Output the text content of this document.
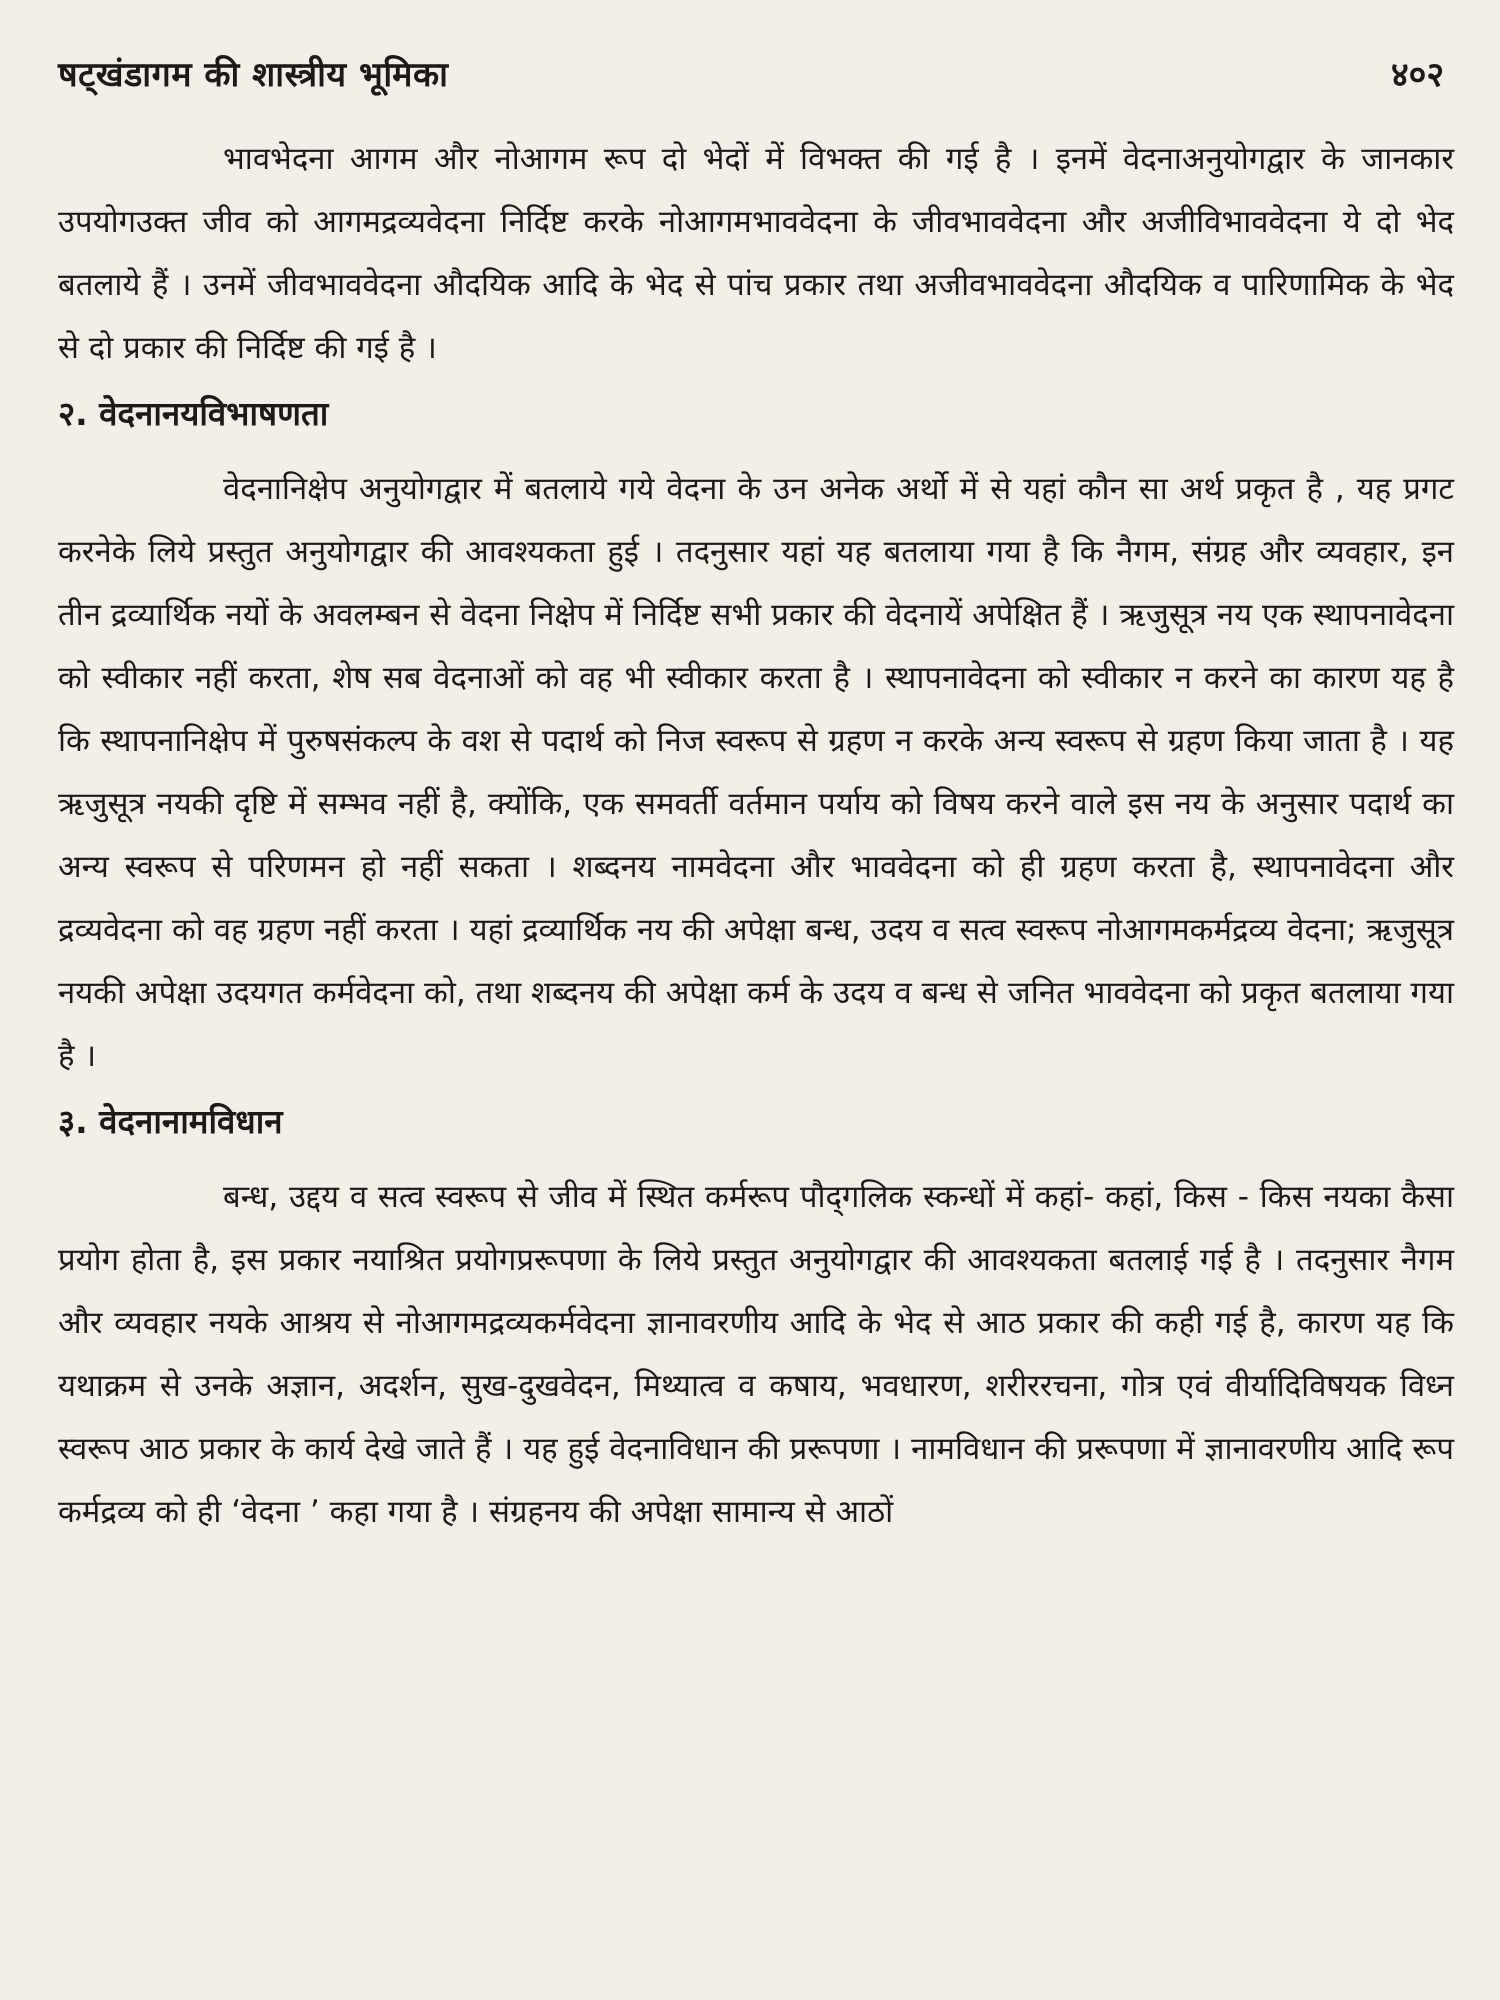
षट्खंडागम की शास्त्रीय भूमिका	४०२

भावभेदना आगम और नोआगम रूप दो भेदों में विभक्त की गई है । इनमें वेदनाअनुयोगद्वार के जानकार उपयोगउक्त जीव को आगमद्रव्यवेदना निर्दिष्ट करके नोआगमभाववेदना के जीवभाववेदना और अजीविभाववेदना ये दो भेद बतलाये हैं । उनमें जीवभाववेदना औदयिक आदि के भेद से पांच प्रकार तथा अजीवभाववेदना औदयिक व पारिणामिक के भेद से दो प्रकार की निर्दिष्ट की गई है ।

२. वेदनानयविभाषणता

वेदनानिक्षेप अनुयोगद्वार में बतलाये गये वेदना के उन अनेक अर्थो में से यहां कौन सा अर्थ प्रकृत है , यह प्रगट करनेके लिये प्रस्तुत अनुयोगद्वार की आवश्यकता हुई । तदनुसार यहां यह बतलाया गया है कि नैगम, संग्रह और व्यवहार, इन तीन द्रव्यार्थिक नयों के अवलम्बन से वेदना निक्षेप में निर्दिष्ट सभी प्रकार की वेदनायें अपेक्षित हैं । ऋजुसूत्र नय एक स्थापनावेदना को स्वीकार नहीं करता, शेष सब वेदनाओं को वह भी स्वीकार करता है । स्थापनावेदना को स्वीकार न करने का कारण यह है कि स्थापनानिक्षेप में पुरुषसंकल्प के वश से पदार्थ को निज स्वरूप से ग्रहण न करके अन्य स्वरूप से ग्रहण किया जाता है । यह ऋजुसूत्र नयकी दृष्टि में सम्भव नहीं है, क्योंकि, एक समवर्ती वर्तमान पर्याय को विषय करने वाले इस नय के अनुसार पदार्थ का अन्य स्वरूप से परिणमन हो नहीं सकता । शब्दनय नामवेदना और भाववेदना को ही ग्रहण करता है, स्थापनावेदना और द्रव्यवेदना को वह ग्रहण नहीं करता । यहां द्रव्यार्थिक नय की अपेक्षा बन्ध, उदय व सत्व स्वरूप नोआगमकर्मद्रव्य वेदना; ऋजुसूत्र नयकी अपेक्षा उदयगत कर्मवेदना को, तथा शब्दनय की अपेक्षा कर्म के उदय व बन्ध से जनित भाववेदना को प्रकृत बतलाया गया है ।

३. वेदनानामविधान

बन्ध, उद्दय व सत्व स्वरूप से जीव में स्थित कर्मरूप पौद्‌गलिक स्कन्धों में कहां- कहां, किस - किस नयका कैसा प्रयोग होता है, इस प्रकार नयाश्रित प्रयोगप्ररूपणा के लिये प्रस्तुत अनुयोगद्वार की आवश्यकता बतलाई गई है । तदनुसार नैगम और व्यवहार नयके आश्रय से नोआगमद्रव्यकर्मवेदना ज्ञानावरणीय आदि के भेद से आठ प्रकार की कही गई है, कारण यह कि यथाक्रम से उनके अज्ञान, अदर्शन, सुख-दुखवेदन, मिथ्यात्व व कषाय, भवधारण, शरीररचना, गोत्र एवं वीर्यादिविषयक विध्न स्वरूप आठ प्रकार के कार्य देखे जाते हैं । यह हुई वेदनाविधान की प्ररूपणा । नामविधान की प्ररूपणा में ज्ञानावरणीय आदि रूप कर्मद्रव्य को ही ‘वेदना ’ कहा गया है । संग्रहनय की अपेक्षा सामान्य से आठों
